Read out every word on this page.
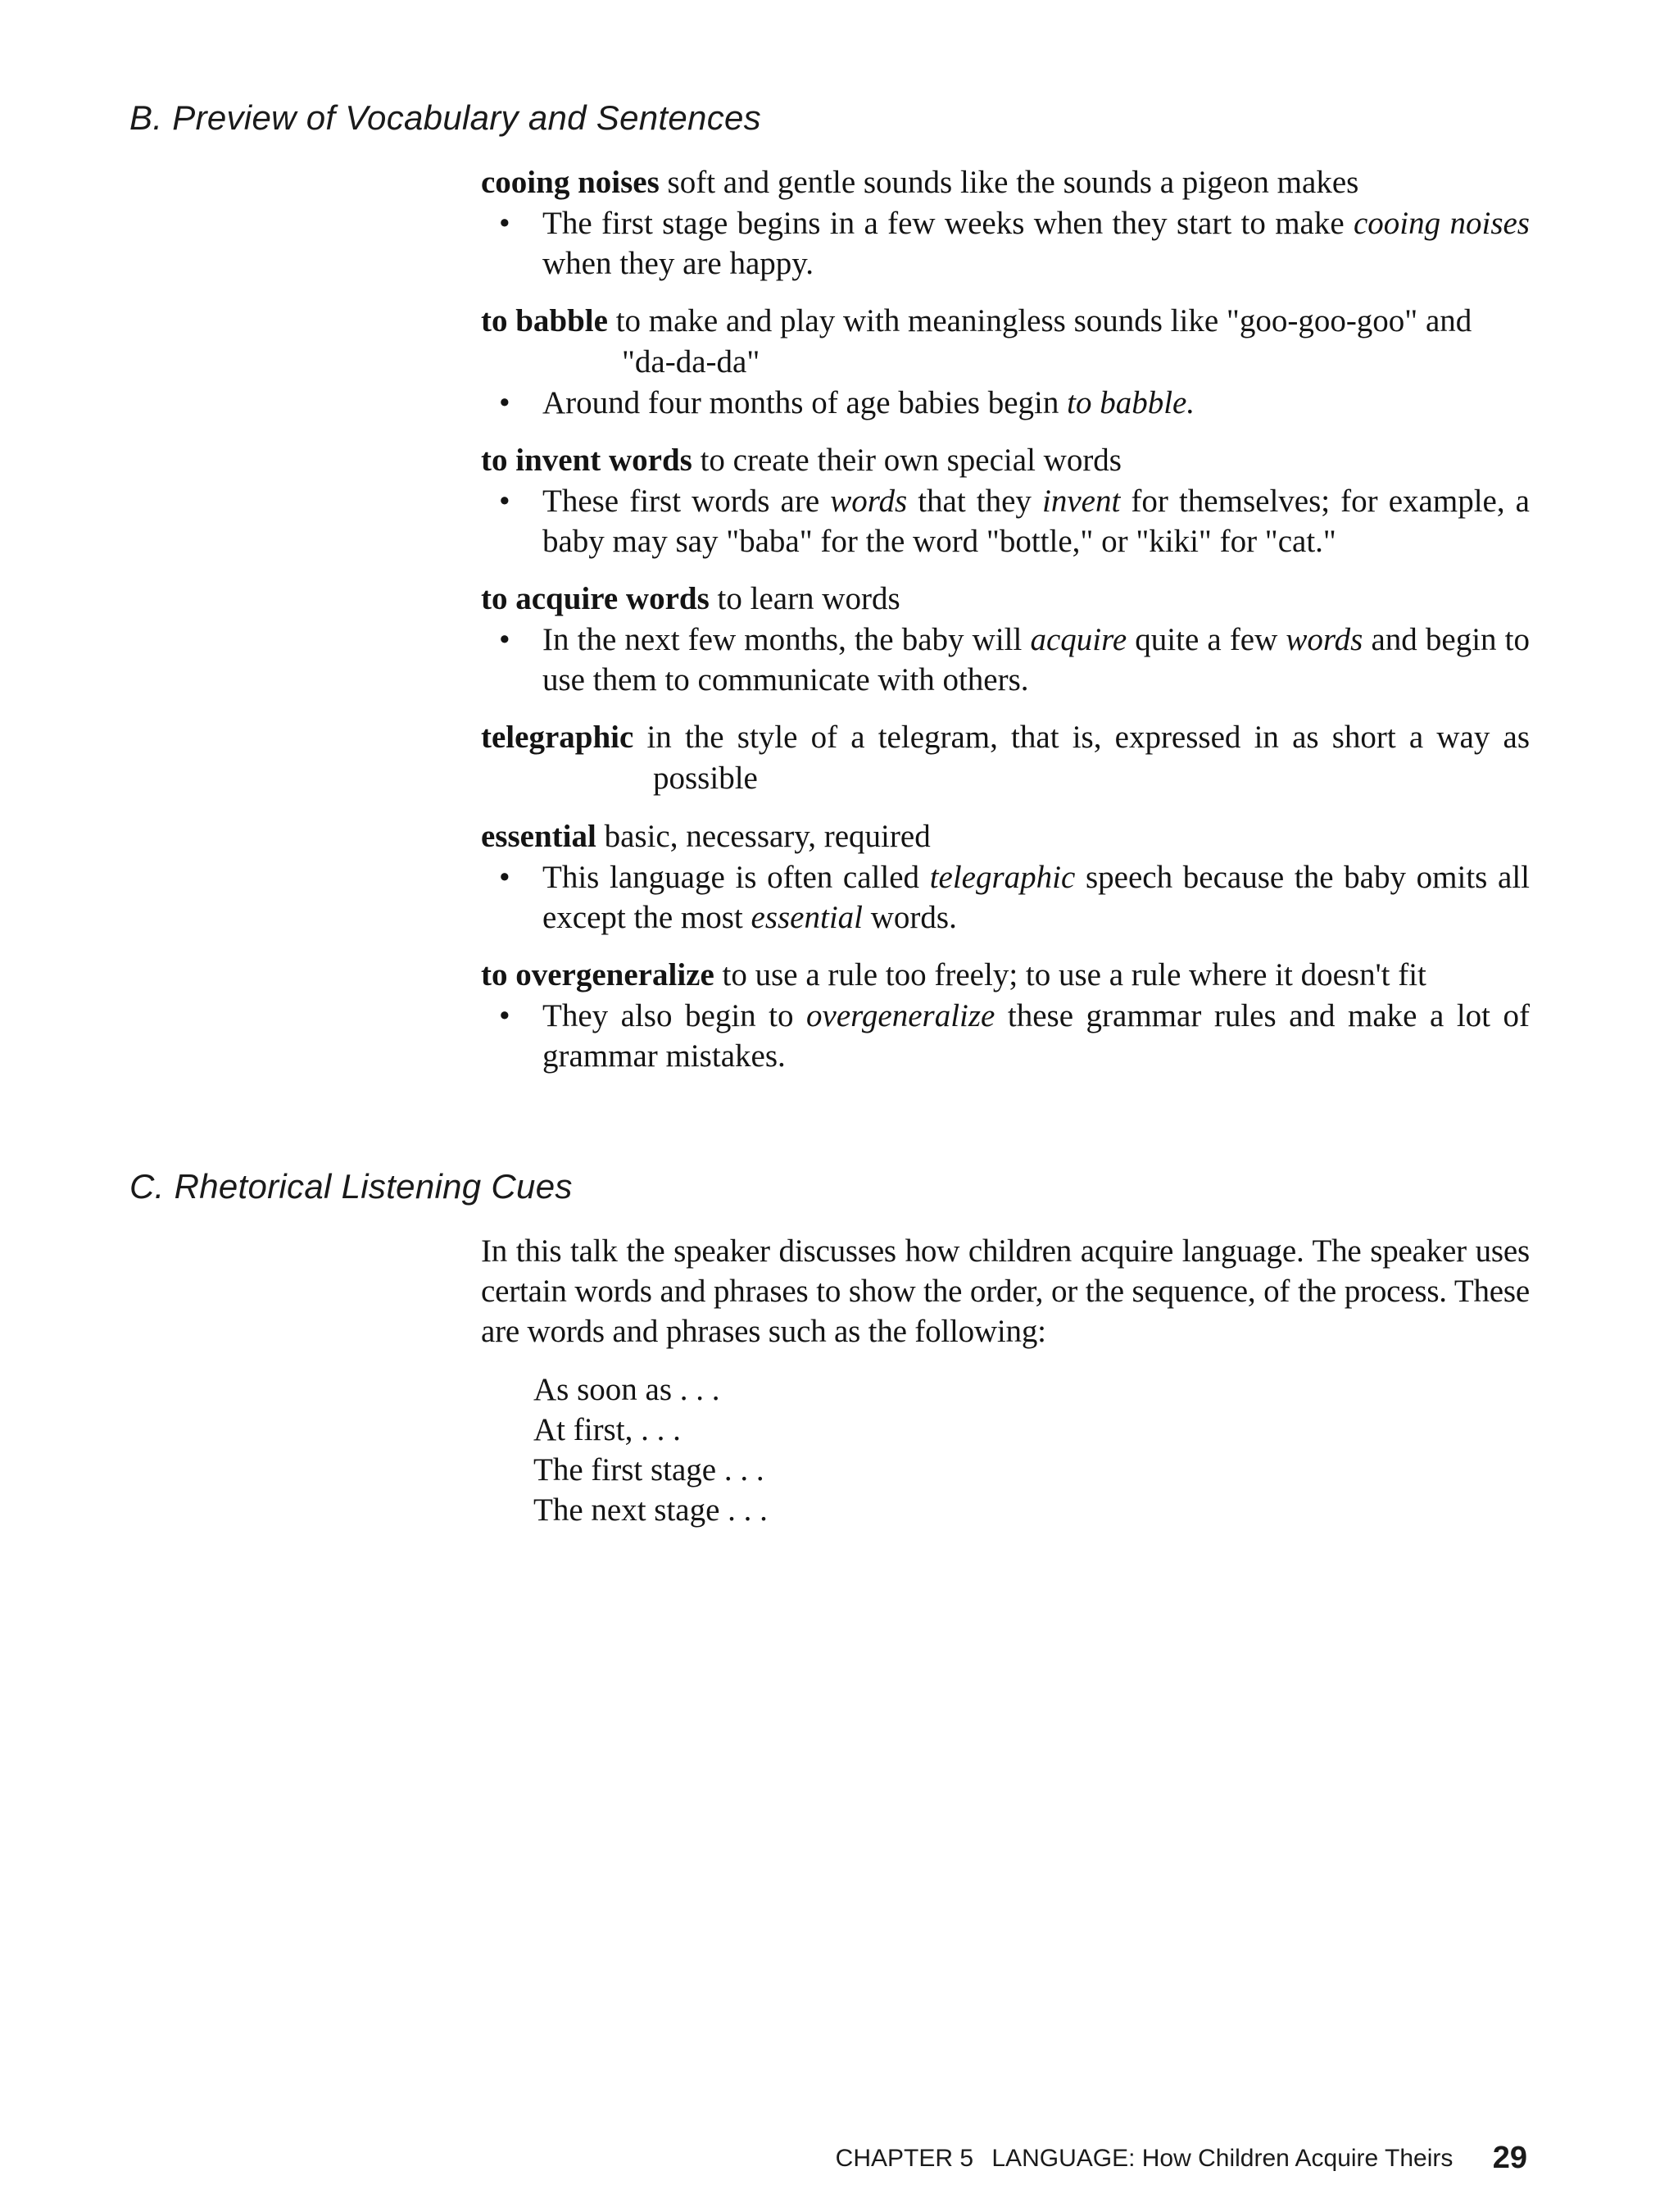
B. Preview of Vocabulary and Sentences
cooing noises soft and gentle sounds like the sounds a pigeon makes
• The first stage begins in a few weeks when they start to make cooing noises when they are happy.
to babble to make and play with meaningless sounds like "goo-goo-goo" and "da-da-da"
• Around four months of age babies begin to babble.
to invent words to create their own special words
• These first words are words that they invent for themselves; for example, a baby may say "baba" for the word "bottle," or "kiki" for "cat."
to acquire words to learn words
• In the next few months, the baby will acquire quite a few words and begin to use them to communicate with others.
telegraphic in the style of a telegram, that is, expressed in as short a way as possible
essential basic, necessary, required
• This language is often called telegraphic speech because the baby omits all except the most essential words.
to overgeneralize to use a rule too freely; to use a rule where it doesn't fit
• They also begin to overgeneralize these grammar rules and make a lot of grammar mistakes.
C. Rhetorical Listening Cues

In this talk the speaker discusses how children acquire language. The speaker uses certain words and phrases to show the order, or the sequence, of the process. These are words and phrases such as the following:

As soon as . . .
At first, . . .
The first stage . . .
The next stage . . .
CHAPTER 5 LANGUAGE: How Children Acquire Theirs 29
